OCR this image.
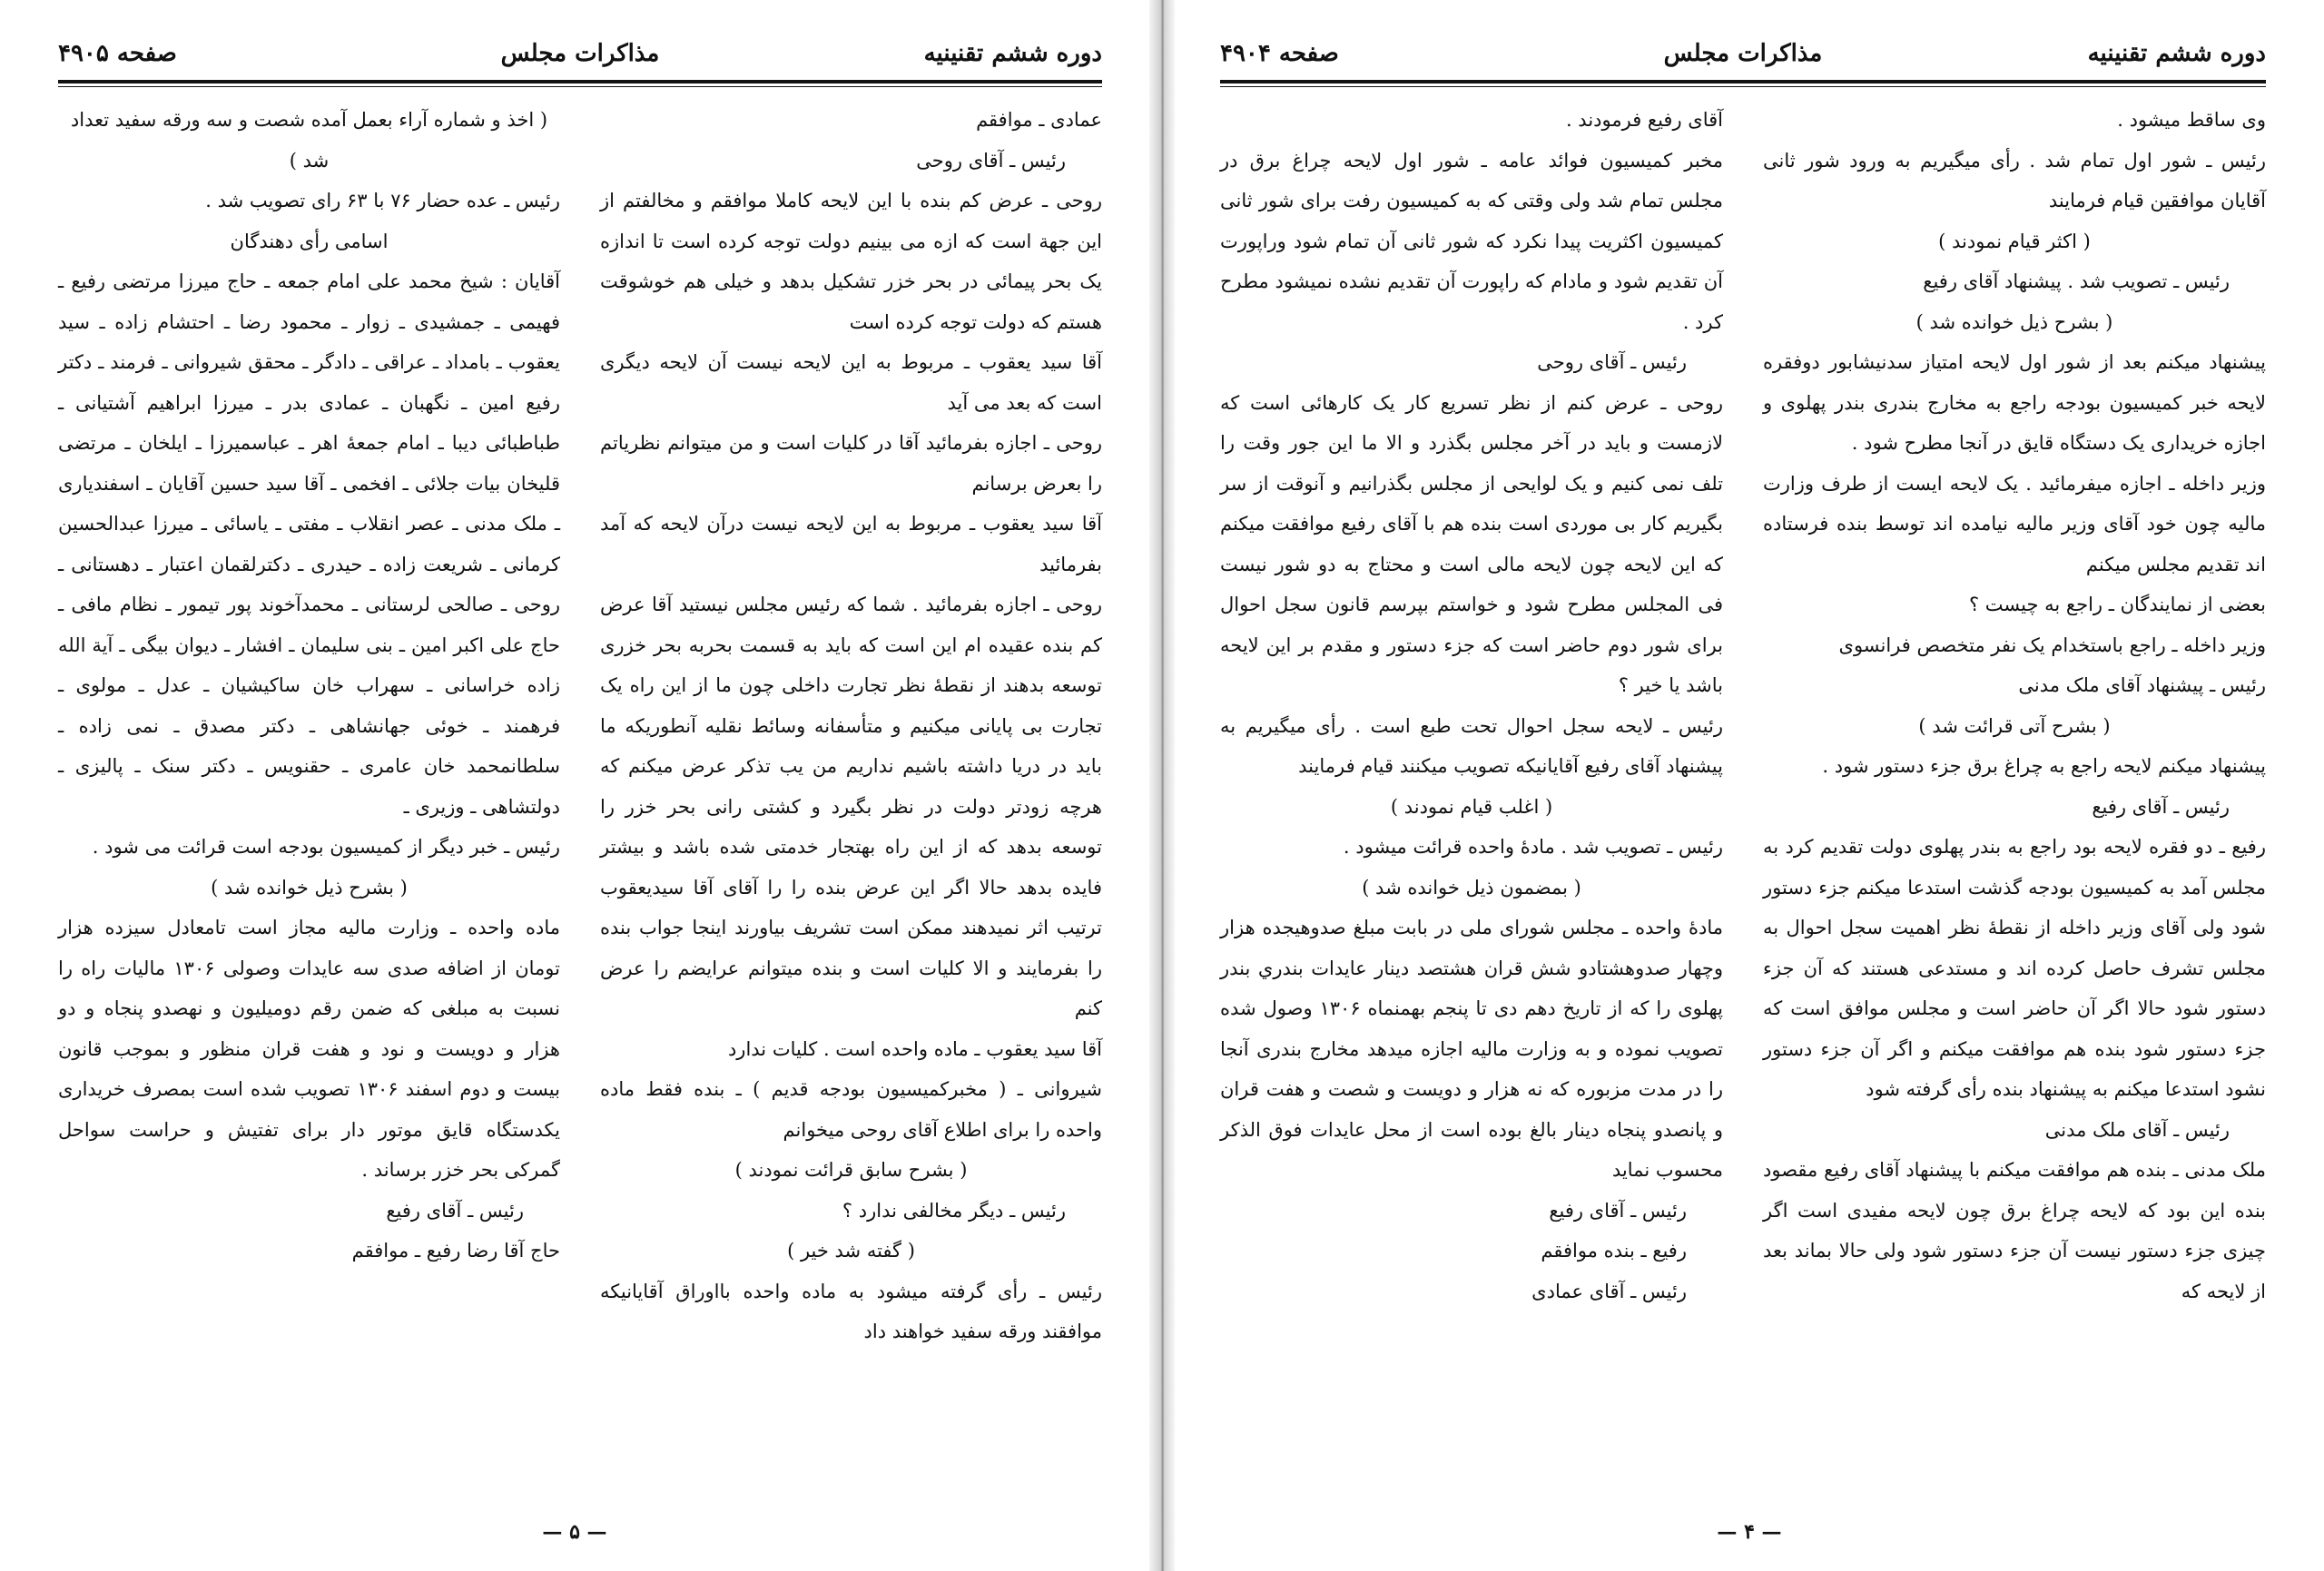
دوره ششم تقنینیه
مذاکرات مجلس
صفحه ۴۹۰۵

عمادی ـ موافقم

رئیس ـ آقای روحی

روحی ـ عرض کم بنده با این لایحه کاملا موافقم و مخالفتم از این جهة است که ازه می بینیم دولت توجه کرده است تا اندازه یک بحر پیمائی در بحر خزر تشکیل بدهد و خیلی هم خوشوقت هستم که دولت توجه کرده است

آقا سید یعقوب ـ مربوط به این لایحه نیست آن لایحه دیگری است که بعد می آید

روحی ـ اجازه بفرمائید آقا در کلیات است و من میتوانم نظریاتم را بعرض برسانم

آقا سید یعقوب ـ مربوط به این لایحه نیست درآن لایحه که آمد بفرمائید

روحی ـ اجازه بفرمائید . شما که رئیس مجلس نیستید آقا عرض کم بنده عقیده ام این است که باید به قسمت بحربه بحر خزرى توسعه بدهند از نقطهٔ نظر تجارت داخلی چون ما از این راه یک تجارت بی پایانی میکنیم و متأسفانه وسائط نقلیه آنطوریکه ما باید در دریا داشته باشیم نداریم من یب تذکر عرض میکنم که هرچه زودتر دولت در نظر بگیرد و کشتی رانی بحر خزر را توسعه بدهد که از این راه بهتجار خدمتی شده باشد و بیشتر فایده بدهد حالا اگر این عرض بنده را را آقای آقا سیدیعقوب ترتیب اثر نمیدهند ممکن است تشریف بیاورند اینجا جواب بنده را بفرمایند و الا کلیات است و بنده میتوانم عرایضم را عرض کنم

آقا سید یعقوب ـ ماده واحده است . کلیات ندارد

شیروانی ـ ( مخبرکمیسیون بودجه قدیم ) ـ بنده فقط ماده واحده را برای اطلاع آقای روحی میخوانم

( بشرح سابق قرائت نمودند )

رئیس ـ دیگر مخالفی ندارد ؟

( گفته شد خیر )

رئیس ـ رأی گرفته میشود به ماده واحده بااوراق آقایانیکه موافقند ورقه سفید خواهند داد

( اخذ و شماره آراء بعمل آمده شصت و سه ورقه سفید تعداد شد )

رئیس ـ عده حضار ۷۶ با ۶۳ رای تصویب شد .

اسامی رأی دهندگان

آقایان : شیخ محمد علی امام جمعه ـ حاج میرزا مرتضی رفیع ـ فهیمی ـ جمشیدی ـ زوار ـ محمود رضا ـ احتشام زاده ـ سید یعقوب ـ بامداد ـ عراقی ـ دادگر ـ محقق شیروانی ـ فرمند ـ دکتر رفیع امین ـ نگهبان ـ عمادی بدر ـ میرزا ابراهیم آشتیانی ـ طباطبائی دیبا ـ امام جمعهٔ اهر ـ عباسمیرزا ـ ایلخان ـ مرتضی قلیخان بیات جلائی ـ افخمی ـ آقا سید حسین آقایان ـ اسفندیاری ـ ملک مدنی ـ عصر انقلاب ـ مفتی ـ یاسائی ـ میرزا عبدالحسین کرمانی ـ شریعت زاده ـ حیدری ـ دکترلقمان اعتبار ـ دهستانی ـ روحی ـ صالحی لرستانی ـ محمدآخوند پور تیمور ـ نظام مافی ـ حاج علی اکبر امین ـ بنی سلیمان ـ افشار ـ دیوان بیگی ـ آیة الله زاده خراسانی ـ سهراب خان ساکیشیان ـ عدل ـ مولوی ـ فرهمند ـ خوئی جهانشاهی ـ دکتر مصدق ـ نمی زاده ـ سلطانمحمد خان عامری ـ حقنویس ـ دکتر سنک ـ پالیزی ـ دولتشاهی ـ وزیری ـ

رئیس ـ خبر دیگر از کمیسیون بودجه است قرائت می شود .

( بشرح ذیل خوانده شد )

ماده واحده ـ وزارت مالیه مجاز است تامعادل سیزده هزار تومان از اضافه صدی سه عایدات وصولی ۱۳۰۶ مالیات راه را نسبت به مبلغی که ضمن رقم دومیلیون و نهصدو پنجاه و دو هزار و دویست و نود و هفت قران منظور و بموجب قانون بیست و دوم اسفند ۱۳۰۶ تصویب شده است بمصرف خریداری یکدستگاه قایق موتور دار برای تفتیش و حراست سواحل گمرکی بحر خزر برساند .

رئیس ـ آقای رفیع

حاج آقا رضا رفیع ـ موافقم

— ۵ —
دوره ششم تقنینیه
مذاکرات مجلس
صفحه ۴۹۰۴

وی ساقط میشود .

رئیس ـ شور اول تمام شد . رأی میگیریم به ورود شور ثانی آقایان موافقین قیام فرمایند

( اکثر قیام نمودند )

رئیس ـ تصویب شد . پیشنهاد آقای رفیع

( بشرح ذیل خوانده شد )

پیشنهاد میکنم بعد از شور اول لایحه امتیاز سدنیشابور دوفقره لایحه خبر کمیسیون بودجه راجع به مخارج بندری بندر پهلوی و اجازه خریداری یک دستگاه قایق در آنجا مطرح شود .

وزیر داخله ـ اجازه میفرمائید . یک لایحه ایست از طرف وزارت مالیه چون خود آقای وزیر مالیه نیامده اند توسط بنده فرستاده اند تقدیم مجلس میکنم

بعضی از نمایندگان ـ راجع به چیست ؟

وزیر داخله ـ راجع باستخدام یک نفر متخصص فرانسوی

رئیس ـ پیشنهاد آقای ملک مدنی

( بشرح آتی قرائت شد )

پیشنهاد میکنم لایحه راجع به چراغ برق جزء دستور شود .

رئیس ـ آقای رفیع

رفیع ـ دو فقره لایحه بود راجع به بندر پهلوی دولت تقدیم کرد به مجلس آمد به کمیسیون بودجه گذشت استدعا میکنم جزء دستور شود ولی آقای وزیر داخله از نقطهٔ نظر اهمیت سجل احوال به مجلس تشرف حاصل کرده اند و مستدعی هستند که آن جزء دستور شود حالا اگر آن حاضر است و مجلس موافق است که جزء دستور شود بنده هم موافقت میکنم و اگر آن جزء دستور نشود استدعا میکنم به پیشنهاد بنده رأی گرفته شود

رئیس ـ آقای ملک مدنی

ملک مدنی ـ بنده هم موافقت میکنم با پیشنهاد آقای رفیع مقصود بنده این بود که لایحه چراغ برق چون لایحه مفیدی است اگر چیزی جزء دستور نیست آن جزء دستور شود ولی حالا بماند بعد از لایحه که

آقای رفیع فرمودند .

مخبر کمیسیون فوائد عامه ـ شور اول لایحه چراغ برق در مجلس تمام شد ولی وقتی که به کمیسیون رفت برای شور ثانی کمیسیون اکثریت پیدا نکرد که شور ثانی آن تمام شود وراپورت آن تقدیم شود و مادام که راپورت آن تقدیم نشده نمیشود مطرح کرد .

رئیس ـ آقای روحی

روحی ـ عرض کنم از نظر تسریع کار یک کارهائی است که لازمست و باید در آخر مجلس بگذرد و الا ما این جور وقت را تلف نمی کنیم و یک لوایحی از مجلس بگذرانیم و آنوقت از سر بگیریم کار بی موردی است بنده هم با آقای رفیع موافقت میکنم که این لایحه چون لایحه مالی است و محتاج به دو شور نیست فی المجلس مطرح شود و خواستم بپرسم قانون سجل احوال برای شور دوم حاضر است که جزء دستور و مقدم بر این لایحه باشد یا خیر ؟

رئیس ـ لایحه سجل احوال تحت طبع است . رأی میگیریم به پیشنهاد آقای رفیع آقایانیکه تصویب میکنند قیام فرمایند

( اغلب قیام نمودند )

رئیس ـ تصویب شد . مادهٔ واحده قرائت میشود .

( بمضمون ذیل خوانده شد )

مادهٔ واحده ـ مجلس شورای ملی در بابت مبلغ صدوهیجده هزار وچهار صدوهشتادو شش قران هشتصد دینار عایدات بندري بندر پهلوی را که از تاریخ دهم دی تا پنجم بهمنماه ۱۳۰۶ وصول شده تصویب نموده و به وزارت مالیه اجازه میدهد مخارج بندری آنجا را در مدت مزبوره که نه هزار و دویست و شصت و هفت قران و پانصدو پنجاه دینار بالغ بوده است از محل عایدات فوق الذکر محسوب نماید

رئیس ـ آقای رفیع

رفیع ـ بنده موافقم

رئیس ـ آقای عمادی

— ۴ —
